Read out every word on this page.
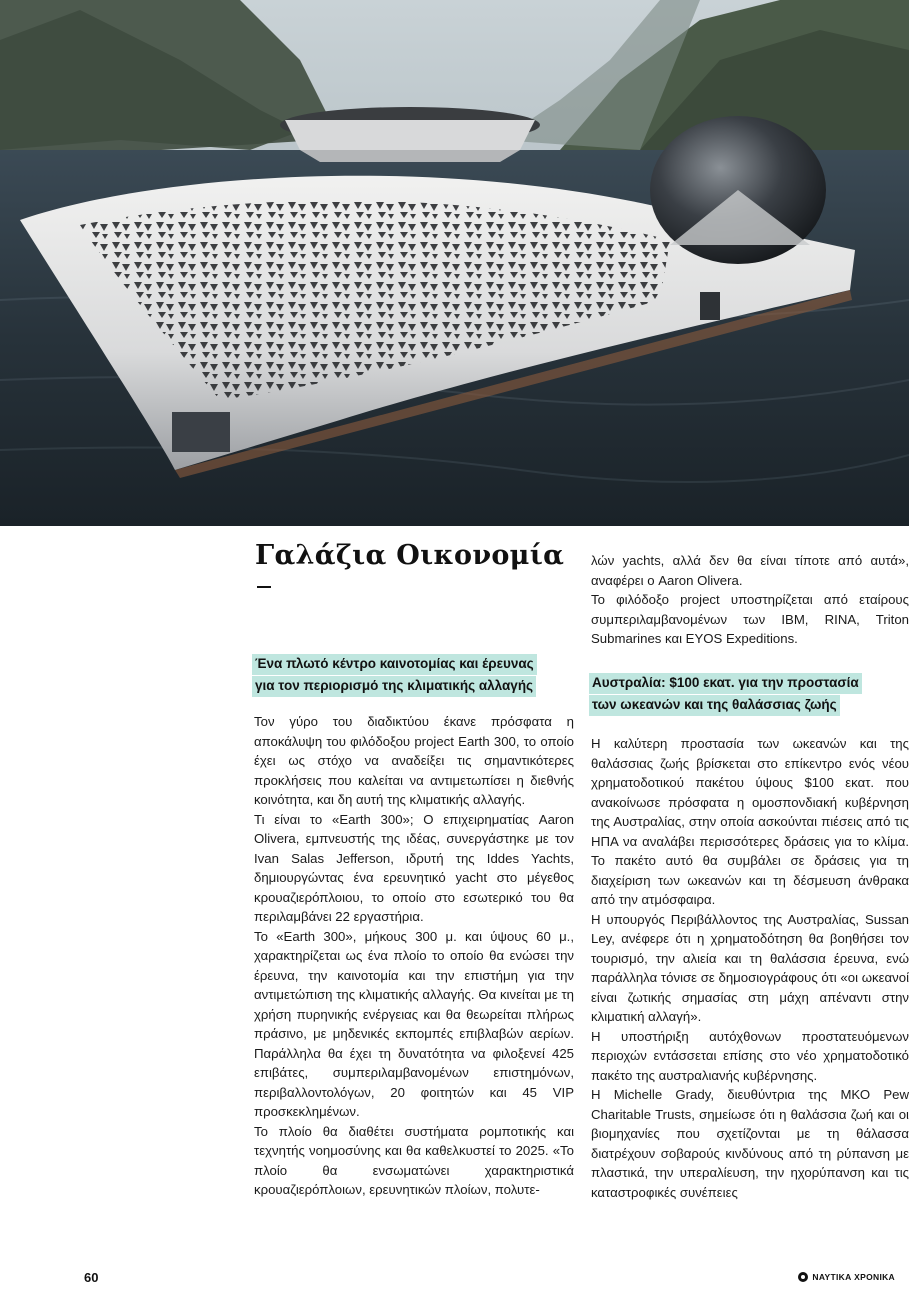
Γαλάζια Οικονομία
Ένα πλωτό κέντρο καινοτομίας και έρευνας
για τον περιορισμό της κλιματικής αλλαγής

Τον γύρο του διαδικτύου έκανε πρόσφατα η αποκάλυψη του φιλόδοξου project Earth 300, το οποίο έχει ως στόχο να αναδείξει τις σημαντικότερες προκλήσεις που καλείται να αντιμετωπίσει η διεθνής κοινότητα, και δη αυτή της κλιματικής αλλαγής.

Τι είναι το «Earth 300»; Ο επιχειρηματίας Aaron Olivera, εμπνευστής της ιδέας, συνεργάστηκε με τον Ivan Salas Jefferson, ιδρυτή της Iddes Yachts, δημιουργώντας ένα ερευνητικό yacht στο μέγεθος κρουαζιερόπλοιου, το οποίο στο εσωτερικό του θα περιλαμβάνει 22 εργαστήρια.

Το «Earth 300», μήκους 300 μ. και ύψους 60 μ., χαρακτηρίζεται ως ένα πλοίο το οποίο θα ενώσει την έρευνα, την καινοτομία και την επιστήμη για την αντιμετώπιση της κλιματικής αλλαγής. Θα κινείται με τη χρήση πυρηνικής ενέργειας και θα θεωρείται πλήρως πράσινο, με μηδενικές εκπομπές επιβλαβών αερίων. Παράλληλα θα έχει τη δυνατότητα να φιλοξενεί 425 επιβάτες, συμπεριλαμβανομένων επιστημόνων, περιβαλλοντολόγων, 20 φοιτητών και 45 VIP προσκεκλημένων.

Το πλοίο θα διαθέτει συστήματα ρομποτικής και τεχνητής νοημοσύνης και θα καθελκυστεί το 2025. «Το πλοίο θα ενσωματώνει χαρακτηριστικά κρουαζιερόπλοιων, ερευνητικών πλοίων, πολυτε-

λών yachts, αλλά δεν θα είναι τίποτε από αυτά», αναφέρει ο Aaron Olivera.

Το φιλόδοξο project υποστηρίζεται από εταίρους συμπεριλαμβανομένων των IBM, RINA, Triton Submarines και EYOS Expeditions.

Αυστραλία: $100 εκατ. για την προστασία
των ωκεανών και της θαλάσσιας ζωής

Η καλύτερη προστασία των ωκεανών και της θαλάσσιας ζωής βρίσκεται στο επίκεντρο ενός νέου χρηματοδοτικού πακέτου ύψους $100 εκατ. που ανακοίνωσε πρόσφατα η ομοσπονδιακή κυβέρνηση της Αυστραλίας, στην οποία ασκούνται πιέσεις από τις ΗΠΑ να αναλάβει περισσότερες δράσεις για το κλίμα. Το πακέτο αυτό θα συμβάλει σε δράσεις για τη διαχείριση των ωκεανών και τη δέσμευση άνθρακα από την ατμόσφαιρα.

Η υπουργός Περιβάλλοντος της Αυστραλίας, Sussan Ley, ανέφερε ότι η χρηματοδότηση θα βοηθήσει τον τουρισμό, την αλιεία και τη θαλάσσια έρευνα, ενώ παράλληλα τόνισε σε δημοσιογράφους ότι «οι ωκεανοί είναι ζωτικής σημασίας στη μάχη απέναντι στην κλιματική αλλαγή».

Η υποστήριξη αυτόχθονων προστατευόμενων περιοχών εντάσσεται επίσης στο νέο χρηματοδοτικό πακέτο της αυστραλιανής κυβέρνησης.

Η Michelle Grady, διευθύντρια της ΜΚΟ Pew Charitable Trusts, σημείωσε ότι η θαλάσσια ζωή και οι βιομηχανίες που σχετίζονται με τη θάλασσα διατρέχουν σοβαρούς κινδύνους από τη ρύπανση με πλαστικά, την υπεραλίευση, την ηχορύπανση και τις καταστροφικές συνέπειες

60	ΝΑΥΤΙΚΑ ΧΡΟΝΙΚΑ
